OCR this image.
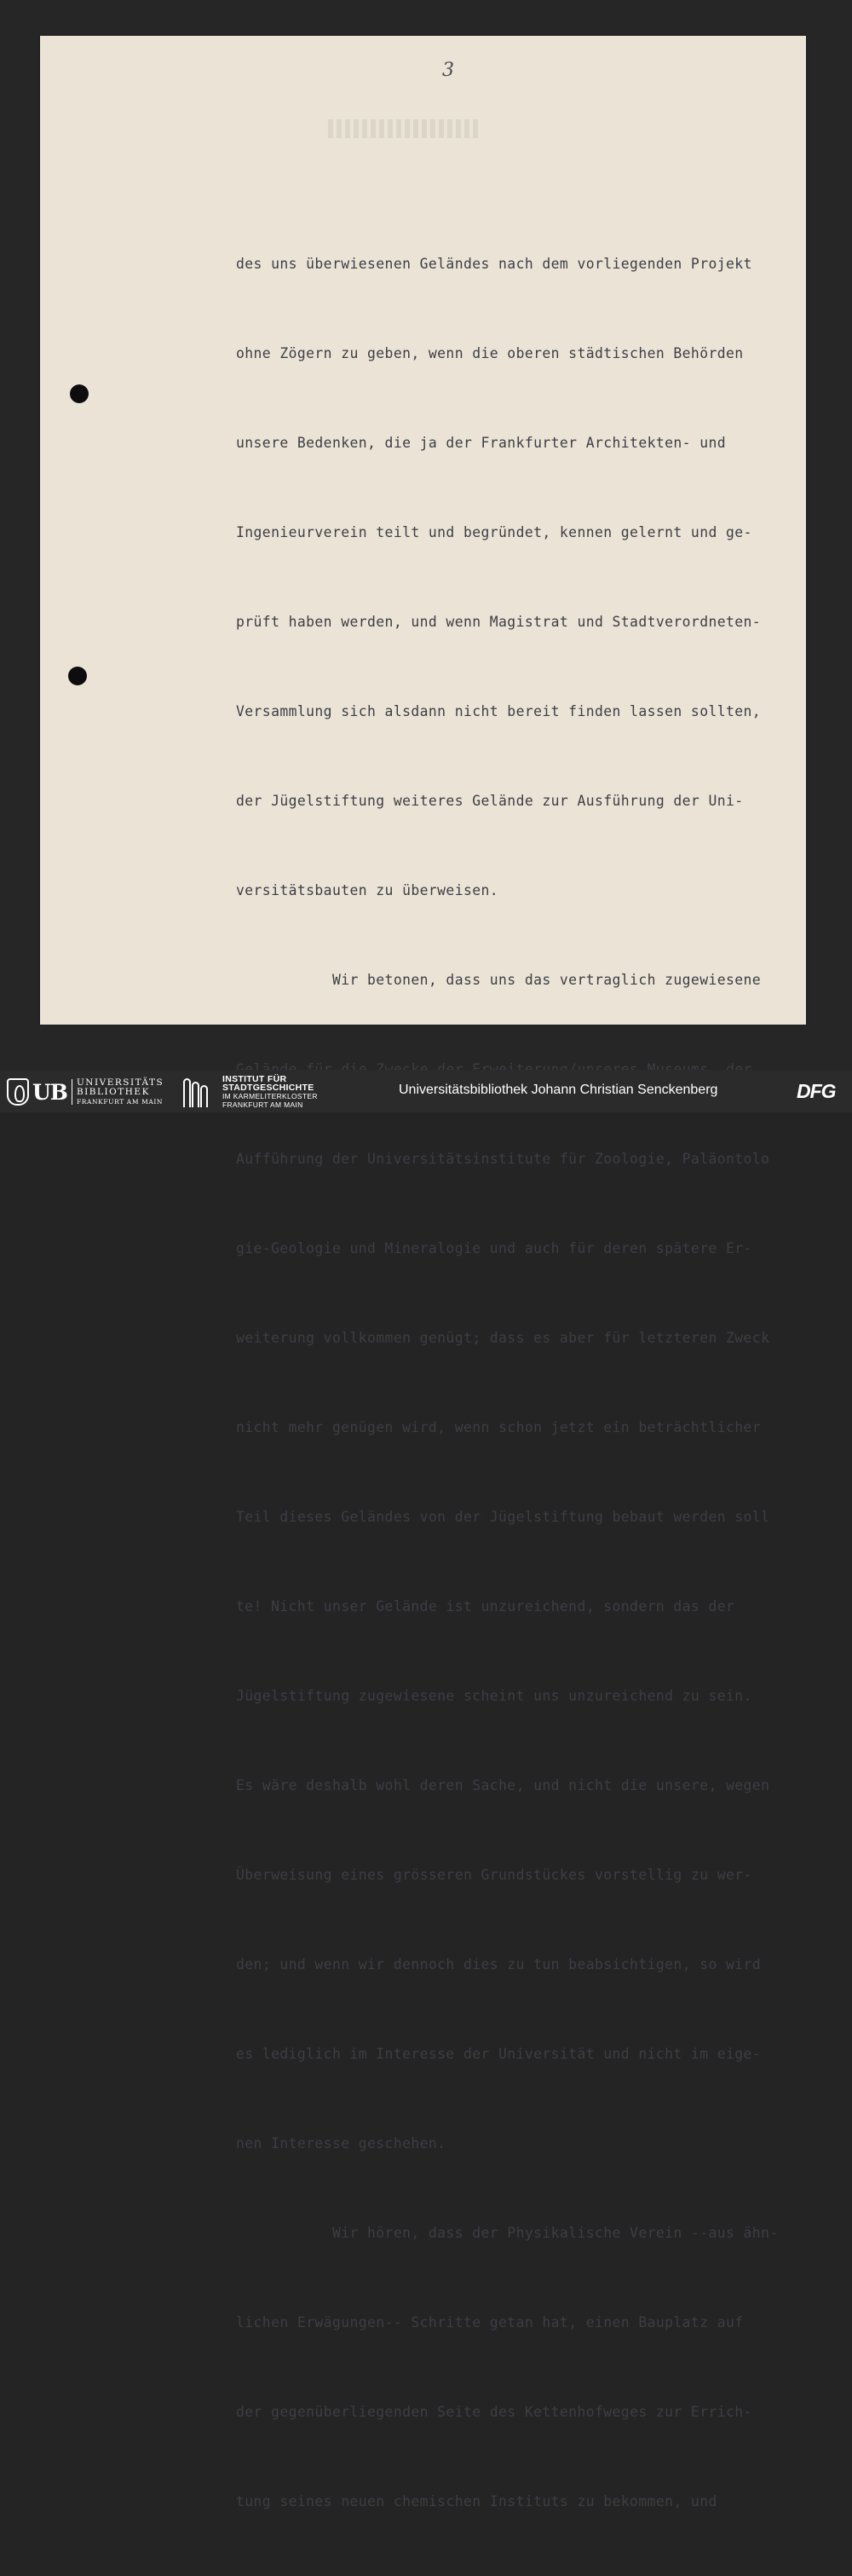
3

des uns überwiesenen Geländes nach dem vorliegenden Projekt

ohne Zögern zu geben, wenn die oberen städtischen Behörden

unsere Bedenken, die ja der Frankfurter Architekten- und

Ingenieurverein teilt und begründet, kennen gelernt und ge-

prüft haben werden, und wenn Magistrat und Stadtverordneten-

Versammlung sich alsdann nicht bereit finden lassen sollten,

der Jügelstiftung weiteres Gelände zur Ausführung der Uni-

versitätsbauten zu überweisen.

Wir betonen, dass uns das vertraglich zugewiesene

Aufführung der Universitätsinstitute für Zoologie, Paläontolo

gie-Geologie und Mineralogie und auch für deren spätere Er-

weiterung vollkommen genügt; dass es aber für letzteren Zweck

nicht mehr genügen wird, wenn schon jetzt ein beträchtlicher

Teil dieses Geländes von der Jügelstiftung bebaut werden soll

te! Nicht unser Gelände ist unzureichend, sondern das der

Jügelstiftung zugewiesene scheint uns unzureichend zu sein.

Es wäre deshalb wohl deren Sache, und nicht die unsere, wegen

Überweisung eines grösseren Grundstückes vorstellig zu wer-

den; und wenn wir dennoch dies zu tun beabsichtigen, so wird

es lediglich im Interesse der Universität und nicht im eige-

nen Interesse geschehen.

Wir hören, dass der Physikalische Verein --aus ähn-

lichen Erwägungen-- Schritte getan hat, einen Bauplatz auf

der gegenüberliegenden Seite des Kettenhofweges zur Errich-

tung seines neuen chemischen Instituts zu bekommen, und

UB UNIVERSITÄTS
BIBLIOTHEK
FRANKFURT AM MAIN
INSTITUT FÜR
STADTGESCHICHTE
IM KARMELITERKLOSTER
FRANKFURT AM MAIN
Universitätsbibliothek Johann Christian Senckenberg	DFG
